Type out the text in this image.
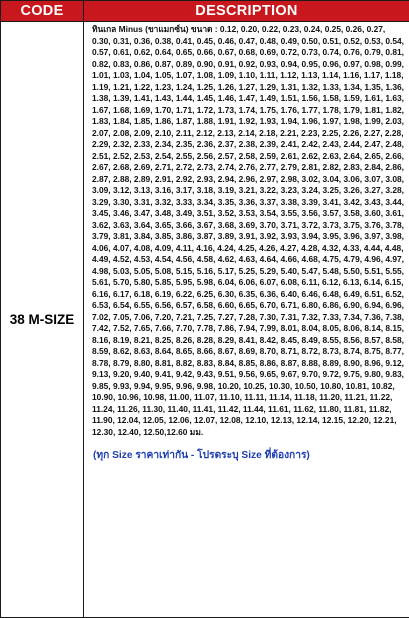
CODE	DESCRIPTION
38 M-SIZE	ทินเกล Minus (ขาแมกซ์น) ขนาด : 0.12, 0.20, 0.22, 0.23, 0.24, 0.25, 0.26, 0.27, 0.30, 0.31, 0.36, 0.38, 0.41, 0.45, 0.46, 0.47, 0.48, 0.49, 0.50, 0.51, 0.52, 0.53, 0.54, 0.57, 0.61, 0.62, 0.64, 0.65, 0.66, 0.67, 0.68, 0.69, 0.72, 0.73, 0.74, 0.76, 0.79, 0.81, 0.82, 0.83, 0.86, 0.87, 0.89, 0.90, 0.91, 0.92, 0.93, 0.94, 0.95, 0.96, 0.97, 0.98, 0.99, 1.01, 1.03, 1.04, 1.05, 1.07, 1.08, 1.09, 1.10, 1.11, 1.12, 1.13, 1.14, 1.16, 1.17, 1.18, 1.19, 1.21, 1.22, 1.23, 1.24, 1.25, 1.26, 1.27, 1.29, 1.31, 1.32, 1.33, 1.34, 1.35, 1.36, 1.38, 1.39, 1.41, 1.43, 1.44, 1.45, 1.46, 1.47, 1.49, 1.51, 1.56, 1.58, 1.59, 1.61, 1.63, 1.67, 1.68, 1.69, 1.70, 1.71, 1.72, 1.73, 1.74, 1.75, 1.76, 1.77, 1.78, 1.79, 1.81, 1.82, 1.83, 1.84, 1.85, 1.86, 1.87, 1.88, 1.91, 1.92, 1.93, 1.94, 1.96, 1.97, 1.98, 1.99, 2.03, 2.07, 2.08, 2.09, 2.10, 2.11, 2.12, 2.13, 2.14, 2.18, 2.21, 2.23, 2.25, 2.26, 2.27, 2.28, 2.29, 2.32, 2.33, 2.34, 2.35, 2.36, 2.37, 2.38, 2.39, 2.41, 2.42, 2.43, 2.44, 2.47, 2.48, 2.51, 2.52, 2.53, 2.54, 2.55, 2.56, 2.57, 2.58, 2.59, 2.61, 2.62, 2.63, 2.64, 2.65, 2.66, 2.67, 2.68, 2.69, 2.71, 2.72, 2.73, 2.74, 2.76, 2.77, 2.79, 2.81, 2.82, 2.83, 2.84, 2.86, 2.87, 2.88, 2.89, 2.91, 2.92, 2.93, 2.94, 2.96, 2.97, 2.98, 3.02, 3.04, 3.06, 3.07, 3.08, 3.09, 3.12, 3.13, 3.16, 3.17, 3.18, 3.19, 3.21, 3.22, 3.23, 3.24, 3.25, 3.26, 3.27, 3.28, 3.29, 3.30, 3.31, 3.32, 3.33, 3.34, 3.35, 3.36, 3.37, 3.38, 3.39, 3.41, 3.42, 3.43, 3.44, 3.45, 3.46, 3.47, 3.48, 3.49, 3.51, 3.52, 3.53, 3.54, 3.55, 3.56, 3.57, 3.58, 3.60, 3.61, 3.62, 3.63, 3.64, 3.65, 3.66, 3.67, 3.68, 3.69, 3.70, 3.71, 3.72, 3.73, 3.75, 3.76, 3.78, 3.79, 3.81, 3.84, 3.85, 3.86, 3.87, 3.89, 3.91, 3.92, 3.93, 3.94, 3.95, 3.96, 3.97, 3.98, 4.06, 4.07, 4.08, 4.09, 4.11, 4.16, 4.24, 4.25, 4.26, 4.27, 4.28, 4.32, 4.33, 4.44, 4.48, 4.49, 4.52, 4.53, 4.54, 4.56, 4.58, 4.62, 4.63, 4.64, 4.66, 4.68, 4.75, 4.79, 4.96, 4.97, 4.98, 5.03, 5.05, 5.08, 5.15, 5.16, 5.17, 5.25, 5.29, 5.40, 5.47, 5.48, 5.50, 5.51, 5.55, 5.61, 5.70, 5.80, 5.85, 5.95, 5.98, 6.04, 6.06, 6.07, 6.08, 6.11, 6.12, 6.13, 6.14, 6.15, 6.16, 6.17, 6.18, 6.19, 6.22, 6.25, 6.30, 6.35, 6.36, 6.40, 6.46, 6.48, 6.49, 6.51, 6.52, 6.53, 6.54, 6.55, 6.56, 6.57, 6.58, 6.60, 6.65, 6.70, 6.71, 6.80, 6.86, 6.90, 6.94, 6.96, 7.02, 7.05, 7.06, 7.20, 7.21, 7.25, 7.27, 7.28, 7.30, 7.31, 7.32, 7.33, 7.34, 7.36, 7.38, 7.42, 7.52, 7.65, 7.66, 7.70, 7.78, 7.86, 7.94, 7.99, 8.01, 8.04, 8.05, 8.06, 8.14, 8.15, 8.16, 8.19, 8.21, 8.25, 8.26, 8.28, 8.29, 8.41, 8.42, 8.45, 8.49, 8.55, 8.56, 8.57, 8.58, 8.59, 8.62, 8.63, 8.64, 8.65, 8.66, 8.67, 8.69, 8.70, 8.71, 8.72, 8.73, 8.74, 8.75, 8.77, 8.78, 8.79, 8.80, 8.81, 8.82, 8.83, 8.84, 8.85, 8.86, 8.87, 8.88, 8.89, 8.90, 8.96, 9.12, 9.13, 9.20, 9.40, 9.41, 9.42, 9.43, 9.51, 9.56, 9.65, 9.67, 9.70, 9.72, 9.75, 9.80, 9.83, 9.85, 9.93, 9.94, 9.95, 9.96, 9.98, 10.20, 10.25, 10.30, 10.50, 10.80, 10.81, 10.82, 10.90, 10.96, 10.98, 11.00, 11.07, 11.10, 11.11, 11.14, 11.18, 11.20, 11.21, 11.22, 11.24, 11.26, 11.30, 11.40, 11.41, 11.42, 11.44, 11.61, 11.62, 11.80, 11.81, 11.82, 11.90, 12.04, 12.05, 12.06, 12.07, 12.08, 12.10, 12.13, 12.14, 12.15, 12.20, 12.21, 12.30, 12.40, 12.50,12.60 มม.
(ทุก Size ราคาเท่ากัน - โปรดระบุ Size ที่ต้องการ)
